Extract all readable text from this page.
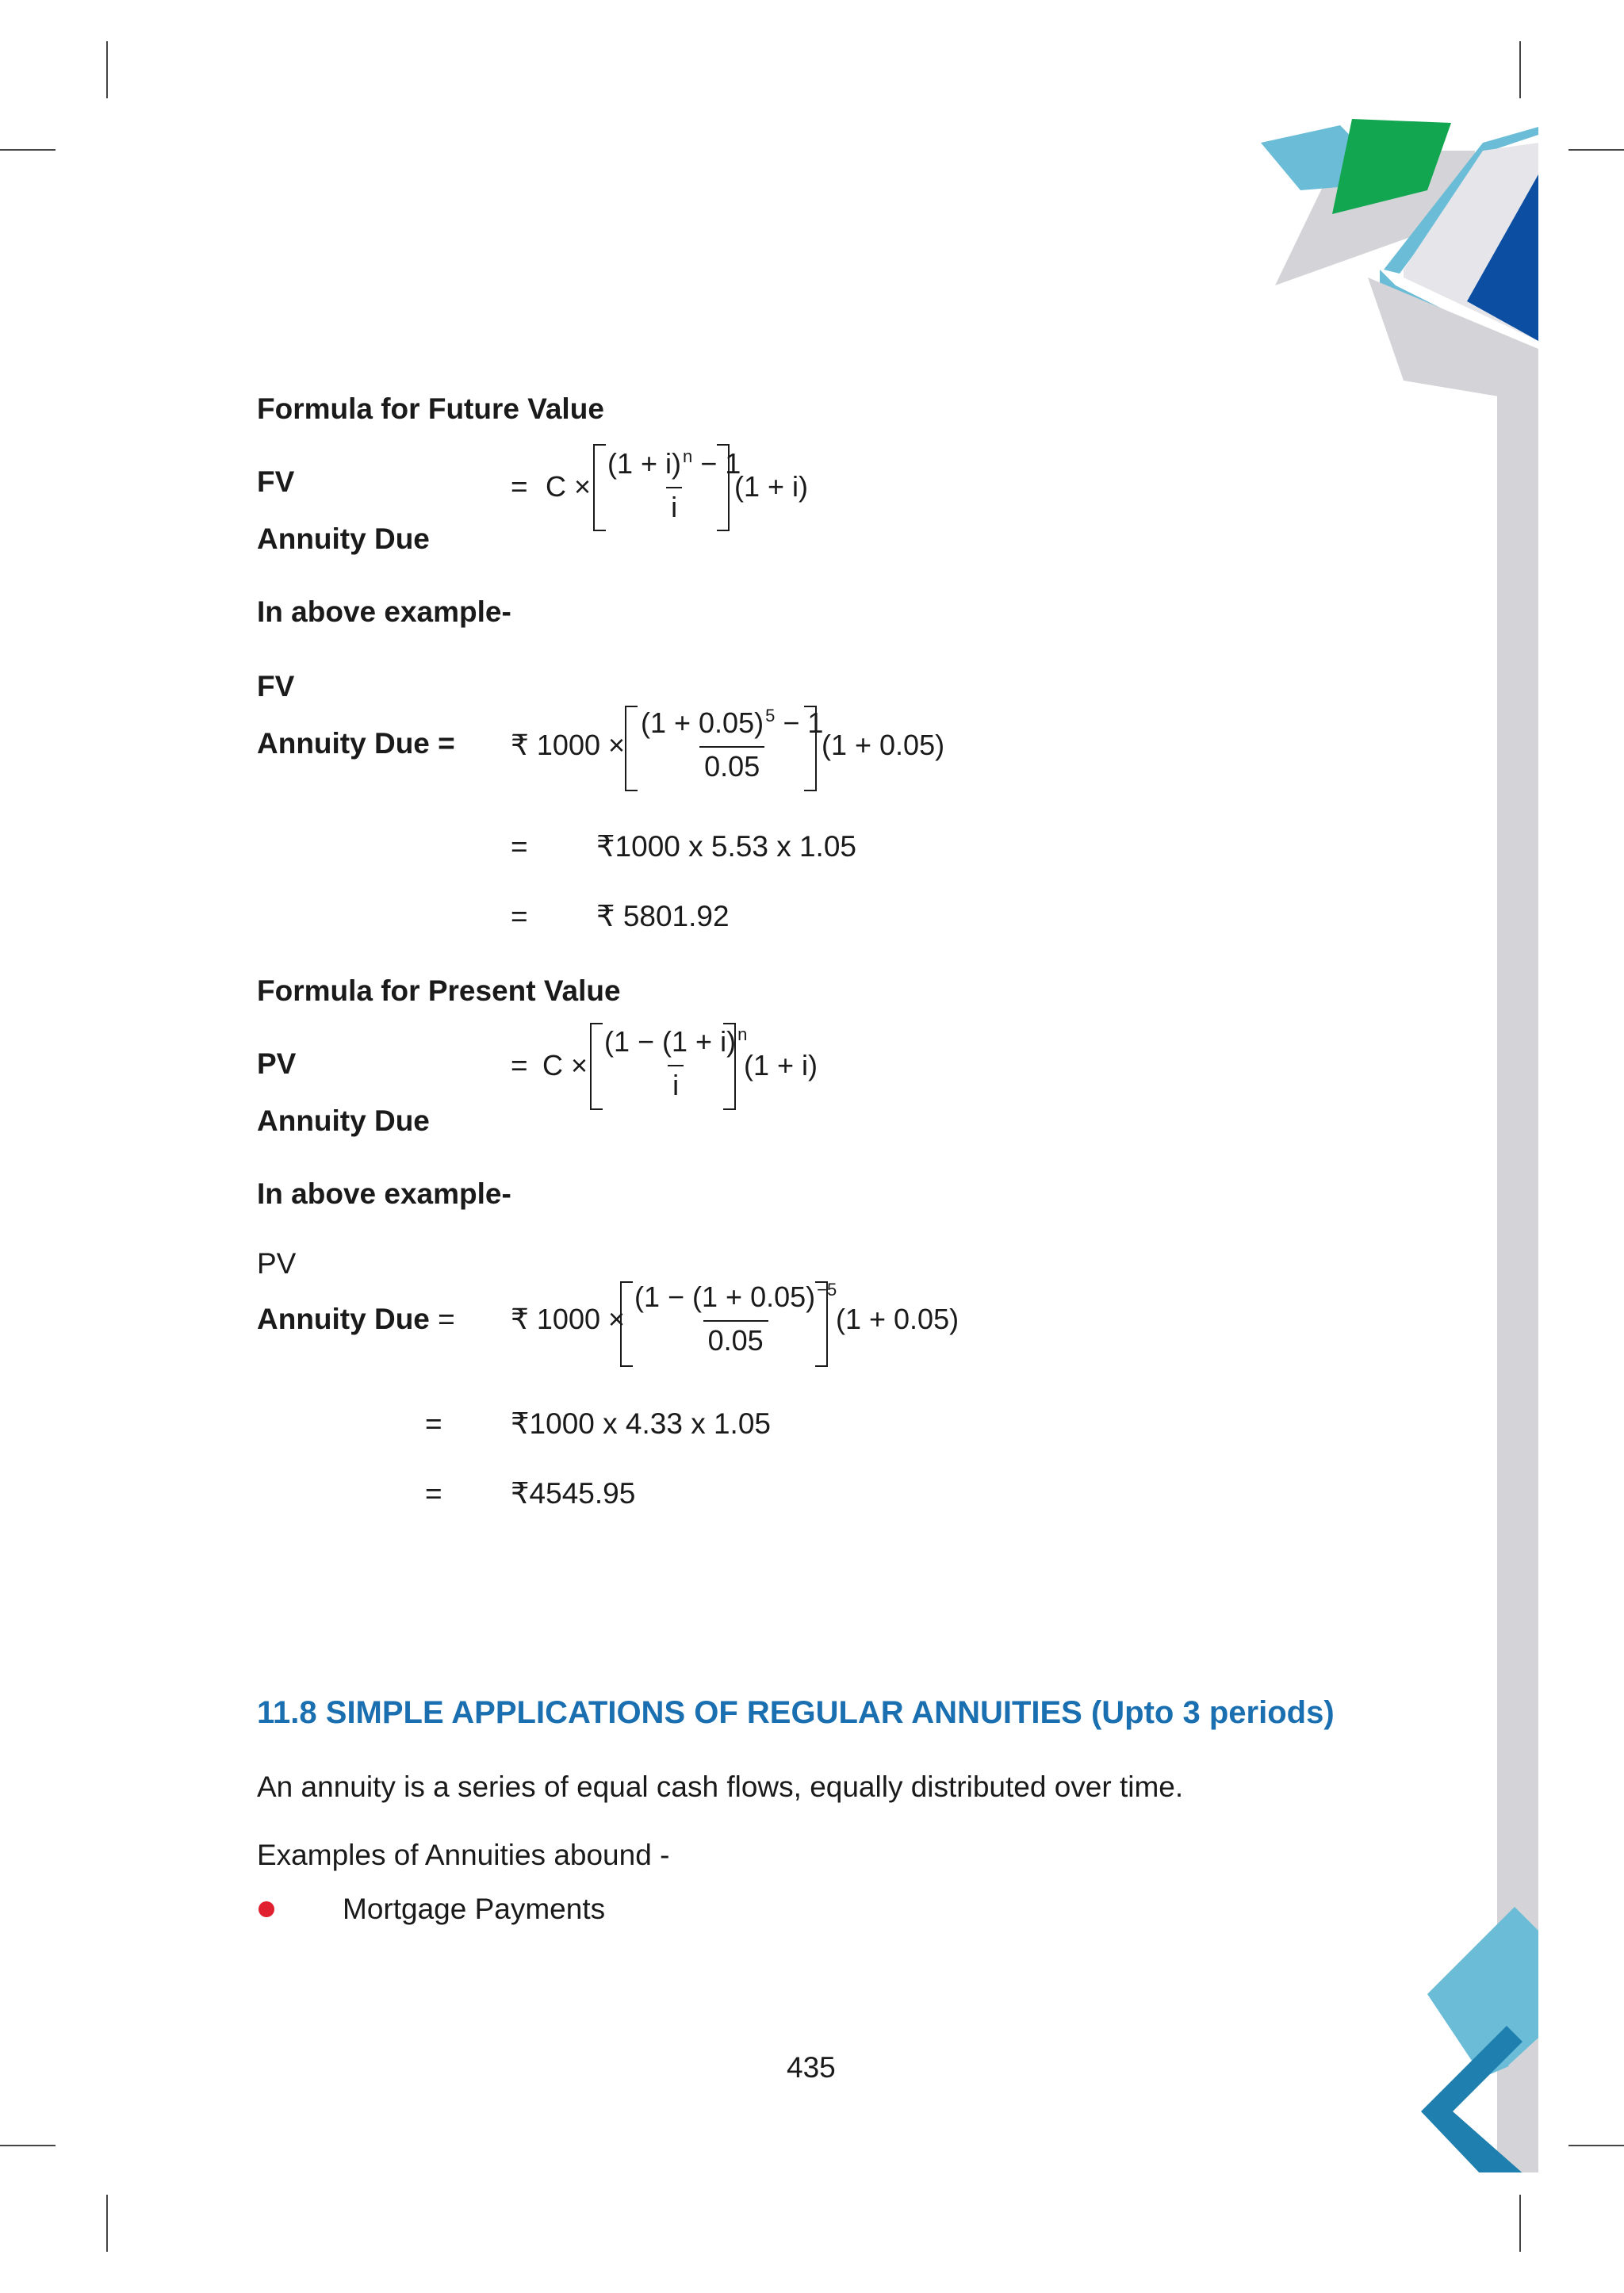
Formula for Future Value
FV	= $C \times \frac{(1 + i)^n - 1}{i}$
(1 + i)
Annuity Due
In above example-
FV
Annuity Due = ₹ $1000 \times \frac{(1 + 0.05)^5 - 1}{0.05}$
(1 + 0.05)
= ₹1000 x 5.53 x 1.05
= ₹ 5801.92
Formula for Present Value
PV	= $C \times \frac{(1 - (1 + i)^n}{i}$
(1 + i)
Annuity Due
In above example-
PV
Annuity Due = ₹ $1000 \times \frac{(1 - (1 + 0.05)^{-5}}{0.05}$
(1 + 0.05)
= ₹1000 x 4.33 x 1.05
= ₹4545.95
11.8 SIMPLE APPLICATIONS OF REGULAR ANNUITIES (Upto 3 periods)
An annuity is a series of equal cash flows, equally distributed over time.
Examples of Annuities abound -
Mortgage Payments
435
